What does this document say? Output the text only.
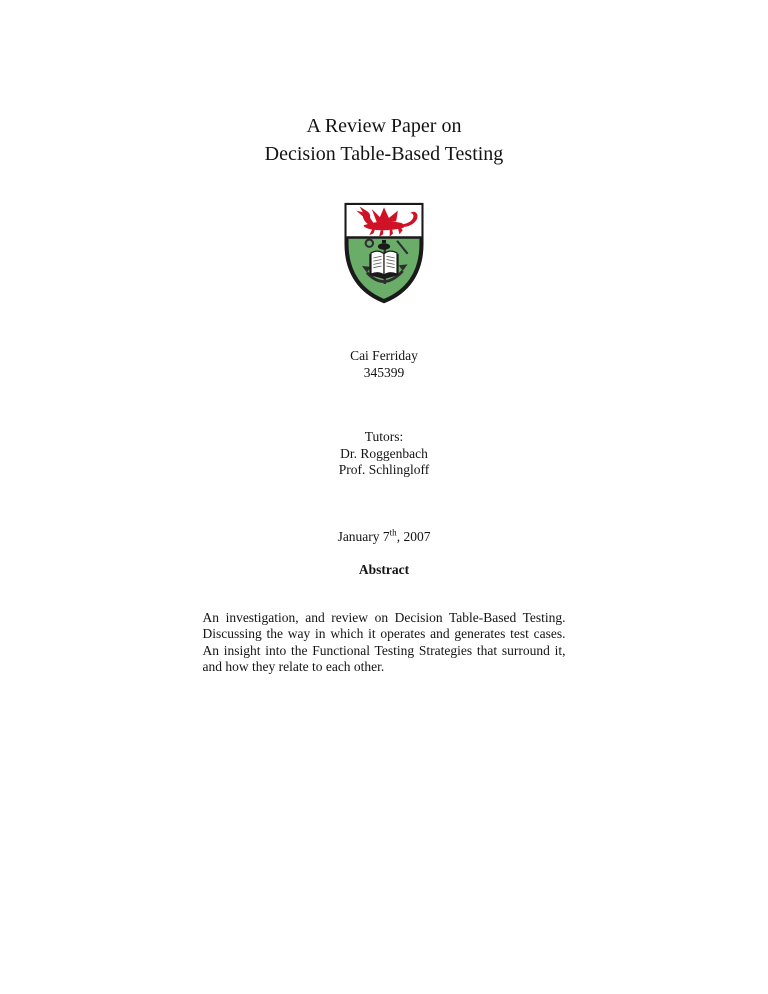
A Review Paper on
Decision Table-Based Testing
Cai Ferriday
345399
Tutors:
Dr. Roggenbach
Prof. Schlingloff
January 7th, 2007
Abstract
An investigation, and review on Decision Table-Based Testing. Discussing the way in which it operates and generates test cases. An insight into the Functional Testing Strategies that surround it, and how they relate to each other.
